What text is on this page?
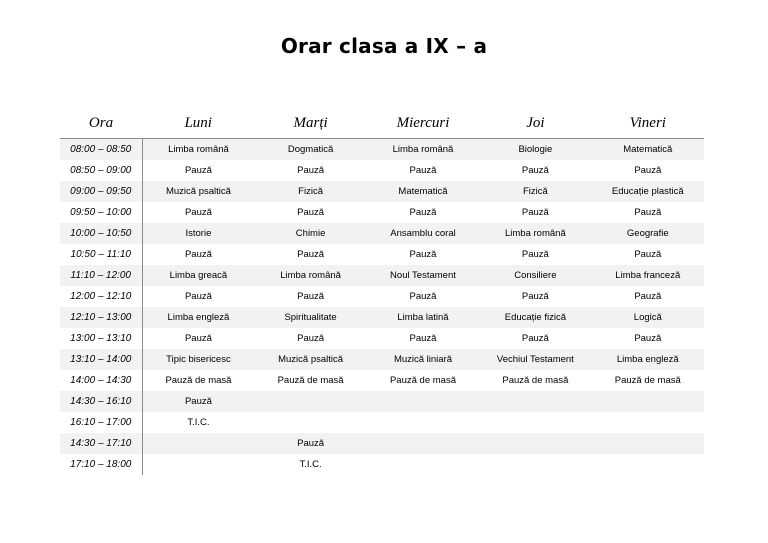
Orar clasa a IX – a
Ora	Luni	Marți	Miercuri	Joi	Vineri
08:00 – 08:50	Limba română	Dogmatică	Limba română	Biologie	Matematică
08:50 – 09:00	Pauză	Pauză	Pauză	Pauză	Pauză
09:00 – 09:50	Muzică psaltică	Fizică	Matematică	Fizică	Educație plastică
09:50 – 10:00	Pauză	Pauză	Pauză	Pauză	Pauză
10:00 – 10:50	Istorie	Chimie	Ansamblu coral	Limba română	Geografie
10:50 – 11:10	Pauză	Pauză	Pauză	Pauză	Pauză
11:10 – 12:00	Limba greacă	Limba română	Noul Testament	Consiliere	Limba franceză
12:00 – 12:10	Pauză	Pauză	Pauză	Pauză	Pauză
12:10 – 13:00	Limba engleză	Spiritualitate	Limba latină	Educație fizică	Logică
13:00 – 13:10	Pauză	Pauză	Pauză	Pauză	Pauză
13:10 – 14:00	Tipic bisericesc	Muzică psaltică	Muzică liniară	Vechiul Testament	Limba engleză
14:00 – 14:30	Pauză de masă	Pauză de masă	Pauză de masă	Pauză de masă	Pauză de masă
14:30 – 16:10	Pauză				
16:10 – 17:00	T.I.C.				
14:30 – 17:10		Pauză			
17:10 – 18:00		T.I.C.			
